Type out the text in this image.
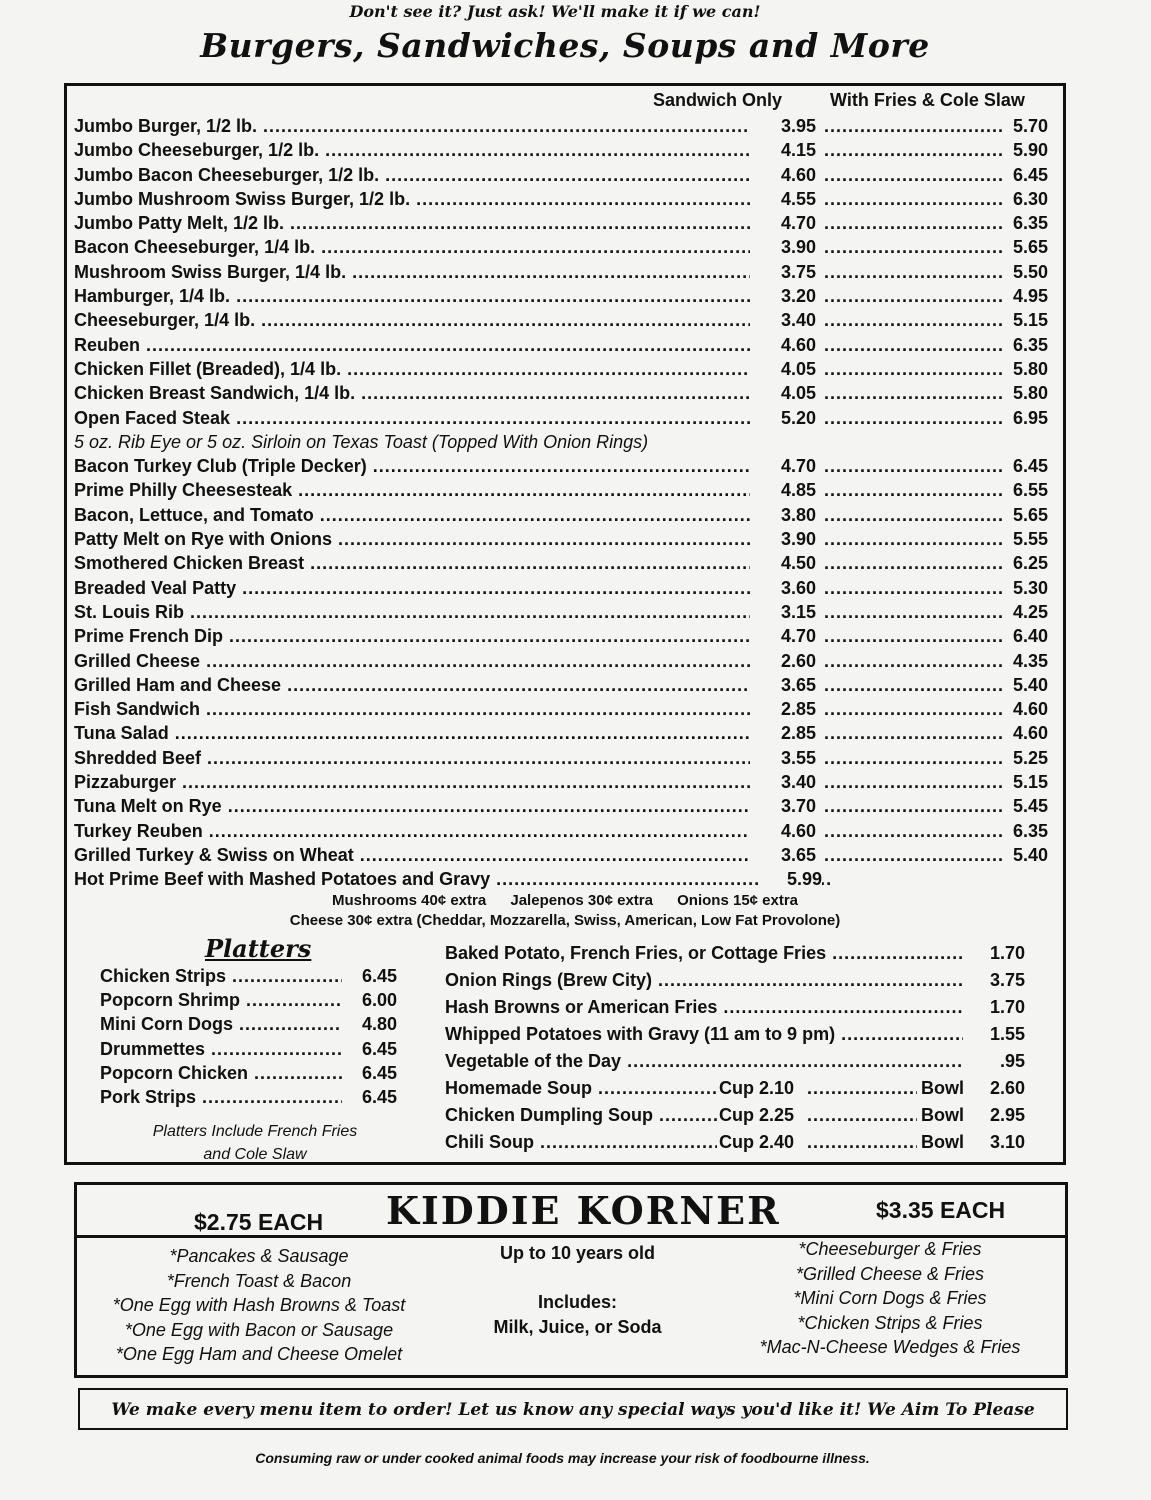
Don't see it? Just ask! We'll make it if we can!
Burgers, Sandwiches, Soups and More
Sandwich Only	With Fries & Cole Slaw
Jumbo Burger, 1/2 lb. .....	3.95 .....	5.70
Jumbo Cheeseburger, 1/2 lb. .....	4.15 .....	5.90
Jumbo Bacon Cheeseburger, 1/2 lb. .....	4.60 .....	6.45
Jumbo Mushroom Swiss Burger, 1/2 lb. .....	4.55 .....	6.30
Jumbo Patty Melt, 1/2 lb. .....	4.70 .....	6.35
Bacon Cheeseburger, 1/4 lb. .....	3.90 .....	5.65
Mushroom Swiss Burger, 1/4 lb. .....	3.75 .....	5.50
Hamburger, 1/4 lb. .....	3.20 .....	4.95
Cheeseburger, 1/4 lb. .....	3.40 .....	5.15
Reuben .....	4.60 .....	6.35
Chicken Fillet (Breaded), 1/4 lb. .....	4.05 .....	5.80
Chicken Breast Sandwich, 1/4 lb. .....	4.05 .....	5.80
Open Faced Steak .....	5.20 .....	6.95
5 oz. Rib Eye or 5 oz. Sirloin on Texas Toast (Topped With Onion Rings)
Bacon Turkey Club (Triple Decker) .....	4.70 .....	6.45
Prime Philly Cheesesteak .....	4.85 .....	6.55
Bacon, Lettuce, and Tomato .....	3.80 .....	5.65
Patty Melt on Rye with Onions .....	3.90 .....	5.55
Smothered Chicken Breast .....	4.50 .....	6.25
Breaded Veal Patty .....	3.60 .....	5.30
St. Louis Rib .....	3.15 .....	4.25
Prime French Dip .....	4.70 .....	6.40
Grilled Cheese .....	2.60 .....	4.35
Grilled Ham and Cheese .....	3.65 .....	5.40
Fish Sandwich .....	2.85 .....	4.60
Tuna Salad .....	2.85 .....	4.60
Shredded Beef .....	3.55 .....	5.25
Pizzaburger .....	3.40 .....	5.15
Tuna Melt on Rye .....	3.70 .....	5.45
Turkey Reuben .....	4.60 .....	6.35
Grilled Turkey & Swiss on Wheat .....	3.65 .....	5.40
Hot Prime Beef with Mashed Potatoes and Gravy .....	5.99
Mushrooms 40¢ extra Jalepenos 30¢ extra Onions 15¢ extra
Cheese 30¢ extra (Cheddar, Mozzarella, Swiss, American, Low Fat Provolone)
Platters
Chicken Strips .....	6.45
Popcorn Shrimp .....	6.00
Mini Corn Dogs .....	4.80
Drummettes .....	6.45
Popcorn Chicken .....	6.45
Pork Strips .....	6.45
Platters Include French Fries
and Cole Slaw
Baked Potato, French Fries, or Cottage Fries .....	1.70
Onion Rings (Brew City) .....	3.75
Hash Browns or American Fries .....	1.70
Whipped Potatoes with Gravy (11 am to 9 pm) .....	1.55
Vegetable of the Day .....	.95
Homemade Soup .....	Cup 2.10 .....	Bowl	2.60
Chicken Dumpling Soup .....	Cup 2.25 .....	Bowl	2.95
Chili Soup .....	Cup 2.40 .....	Bowl	3.10
$2.75 EACH KIDDIE KORNER	$3.35 EACH
*Pancakes & Sausage
*French Toast & Bacon
*One Egg with Hash Browns & Toast
*One Egg with Bacon or Sausage
*One Egg Ham and Cheese Omelet
Up to 10 years old
Includes:
Milk, Juice, or Soda
*Cheeseburger & Fries
*Grilled Cheese & Fries
*Mini Corn Dogs & Fries
*Chicken Strips & Fries
*Mac-N-Cheese Wedges & Fries
We make every menu item to order! Let us know any special ways you'd like it! We Aim To Please
Consuming raw or under cooked animal foods may increase your risk of foodbourne illness.
